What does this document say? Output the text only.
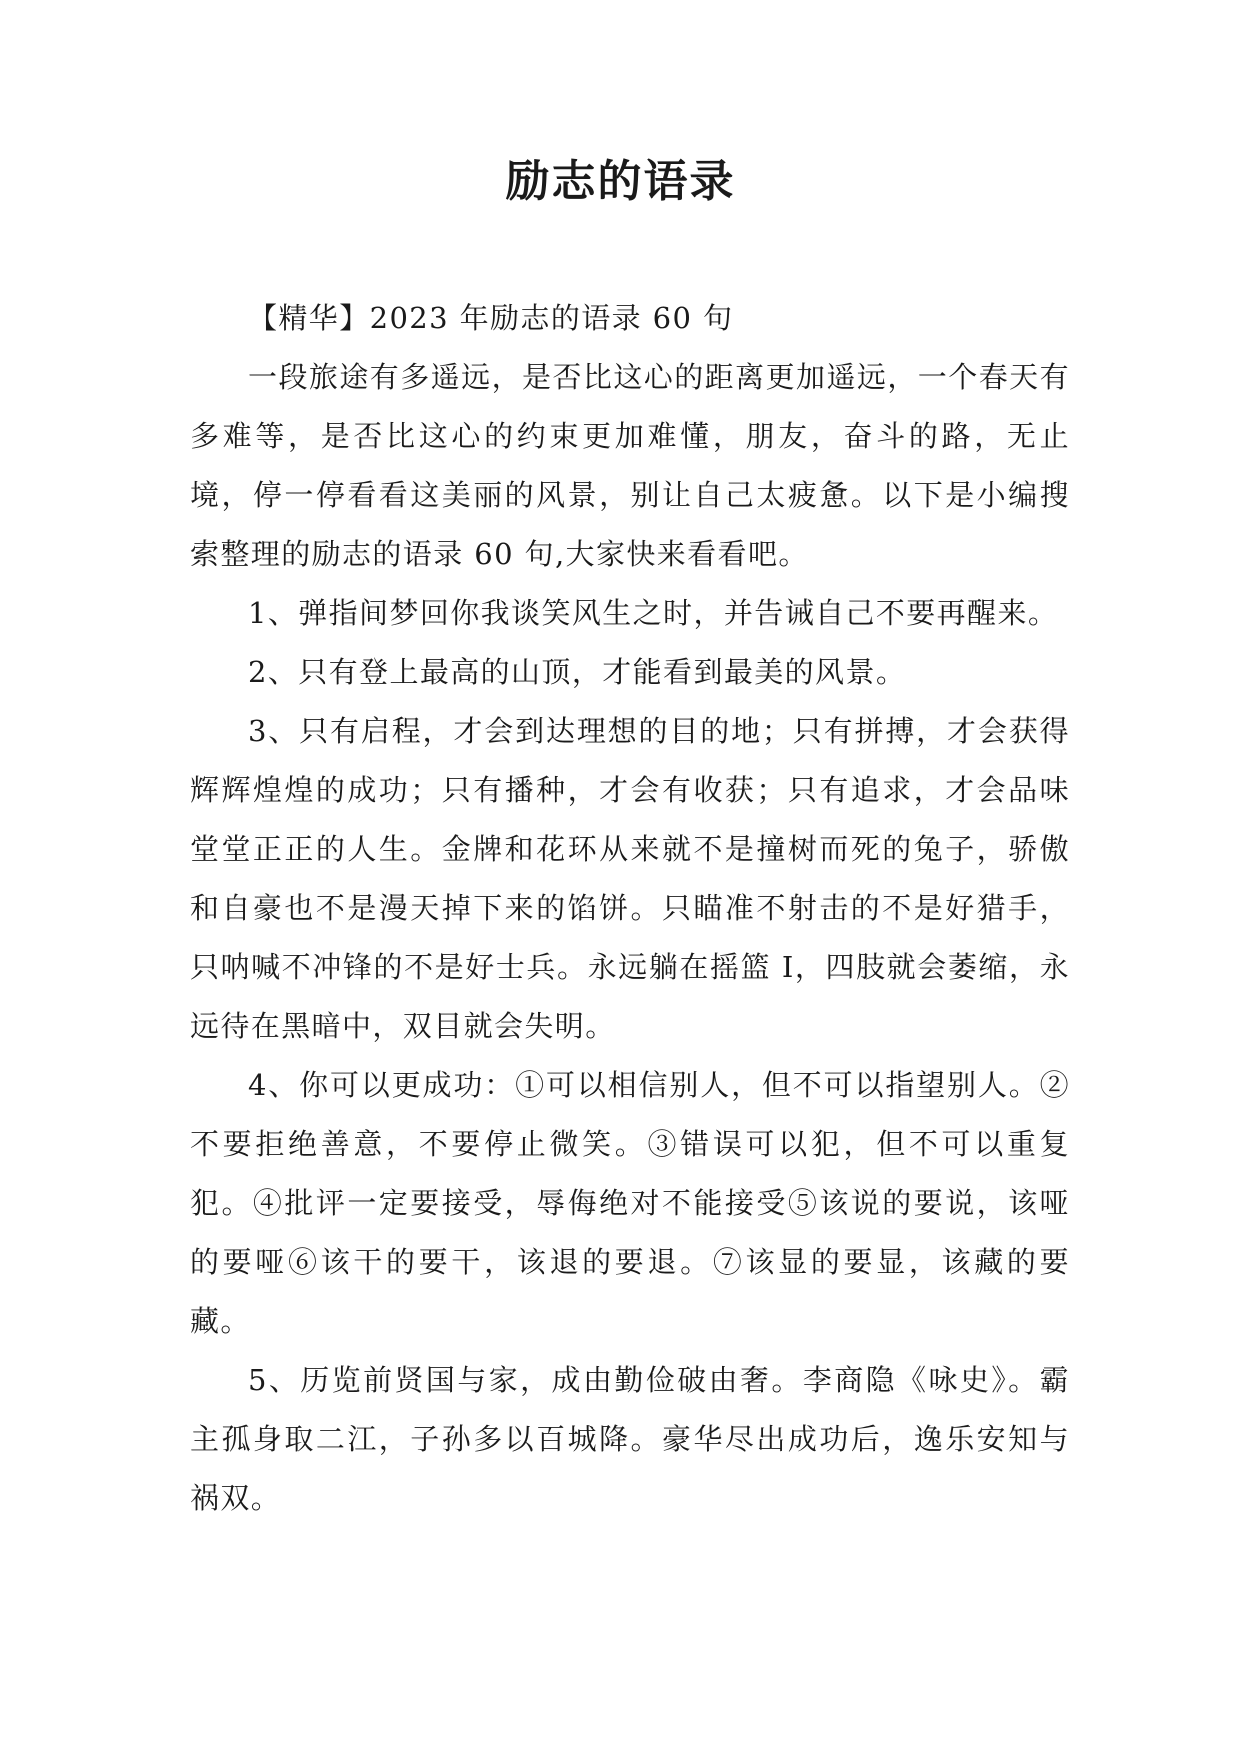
励志的语录

【精华】2023 年励志的语录 60 句

一段旅途有多遥远，是否比这心的距离更加遥远，一个春天有多难等，是否比这心的约束更加难懂，朋友，奋斗的路，无止境，停一停看看这美丽的风景，别让自己太疲惫。以下是小编搜索整理的励志的语录 60 句,大家快来看看吧。

1、弹指间梦回你我谈笑风生之时，并告诫自己不要再醒来。

2、只有登上最高的山顶，才能看到最美的风景。

3、只有启程，才会到达理想的目的地；只有拼搏，才会获得辉辉煌煌的成功；只有播种，才会有收获；只有追求，才会品味堂堂正正的人生。金牌和花环从来就不是撞树而死的兔子，骄傲和自豪也不是漫天掉下来的馅饼。只瞄准不射击的不是好猎手，只呐喊不冲锋的不是好士兵。永远躺在摇篮 I，四肢就会萎缩，永远待在黑暗中，双目就会失明。

4、你可以更成功：①可以相信别人，但不可以指望别人。②不要拒绝善意，不要停止微笑。③错误可以犯，但不可以重复犯。④批评一定要接受，辱侮绝对不能接受⑤该说的要说，该哑的要哑⑥该干的要干，该退的要退。⑦该显的要显，该藏的要藏。

5、历览前贤国与家，成由勤俭破由奢。李商隐《咏史》。霸主孤身取二江，子孙多以百城降。豪华尽出成功后，逸乐安知与祸双。
